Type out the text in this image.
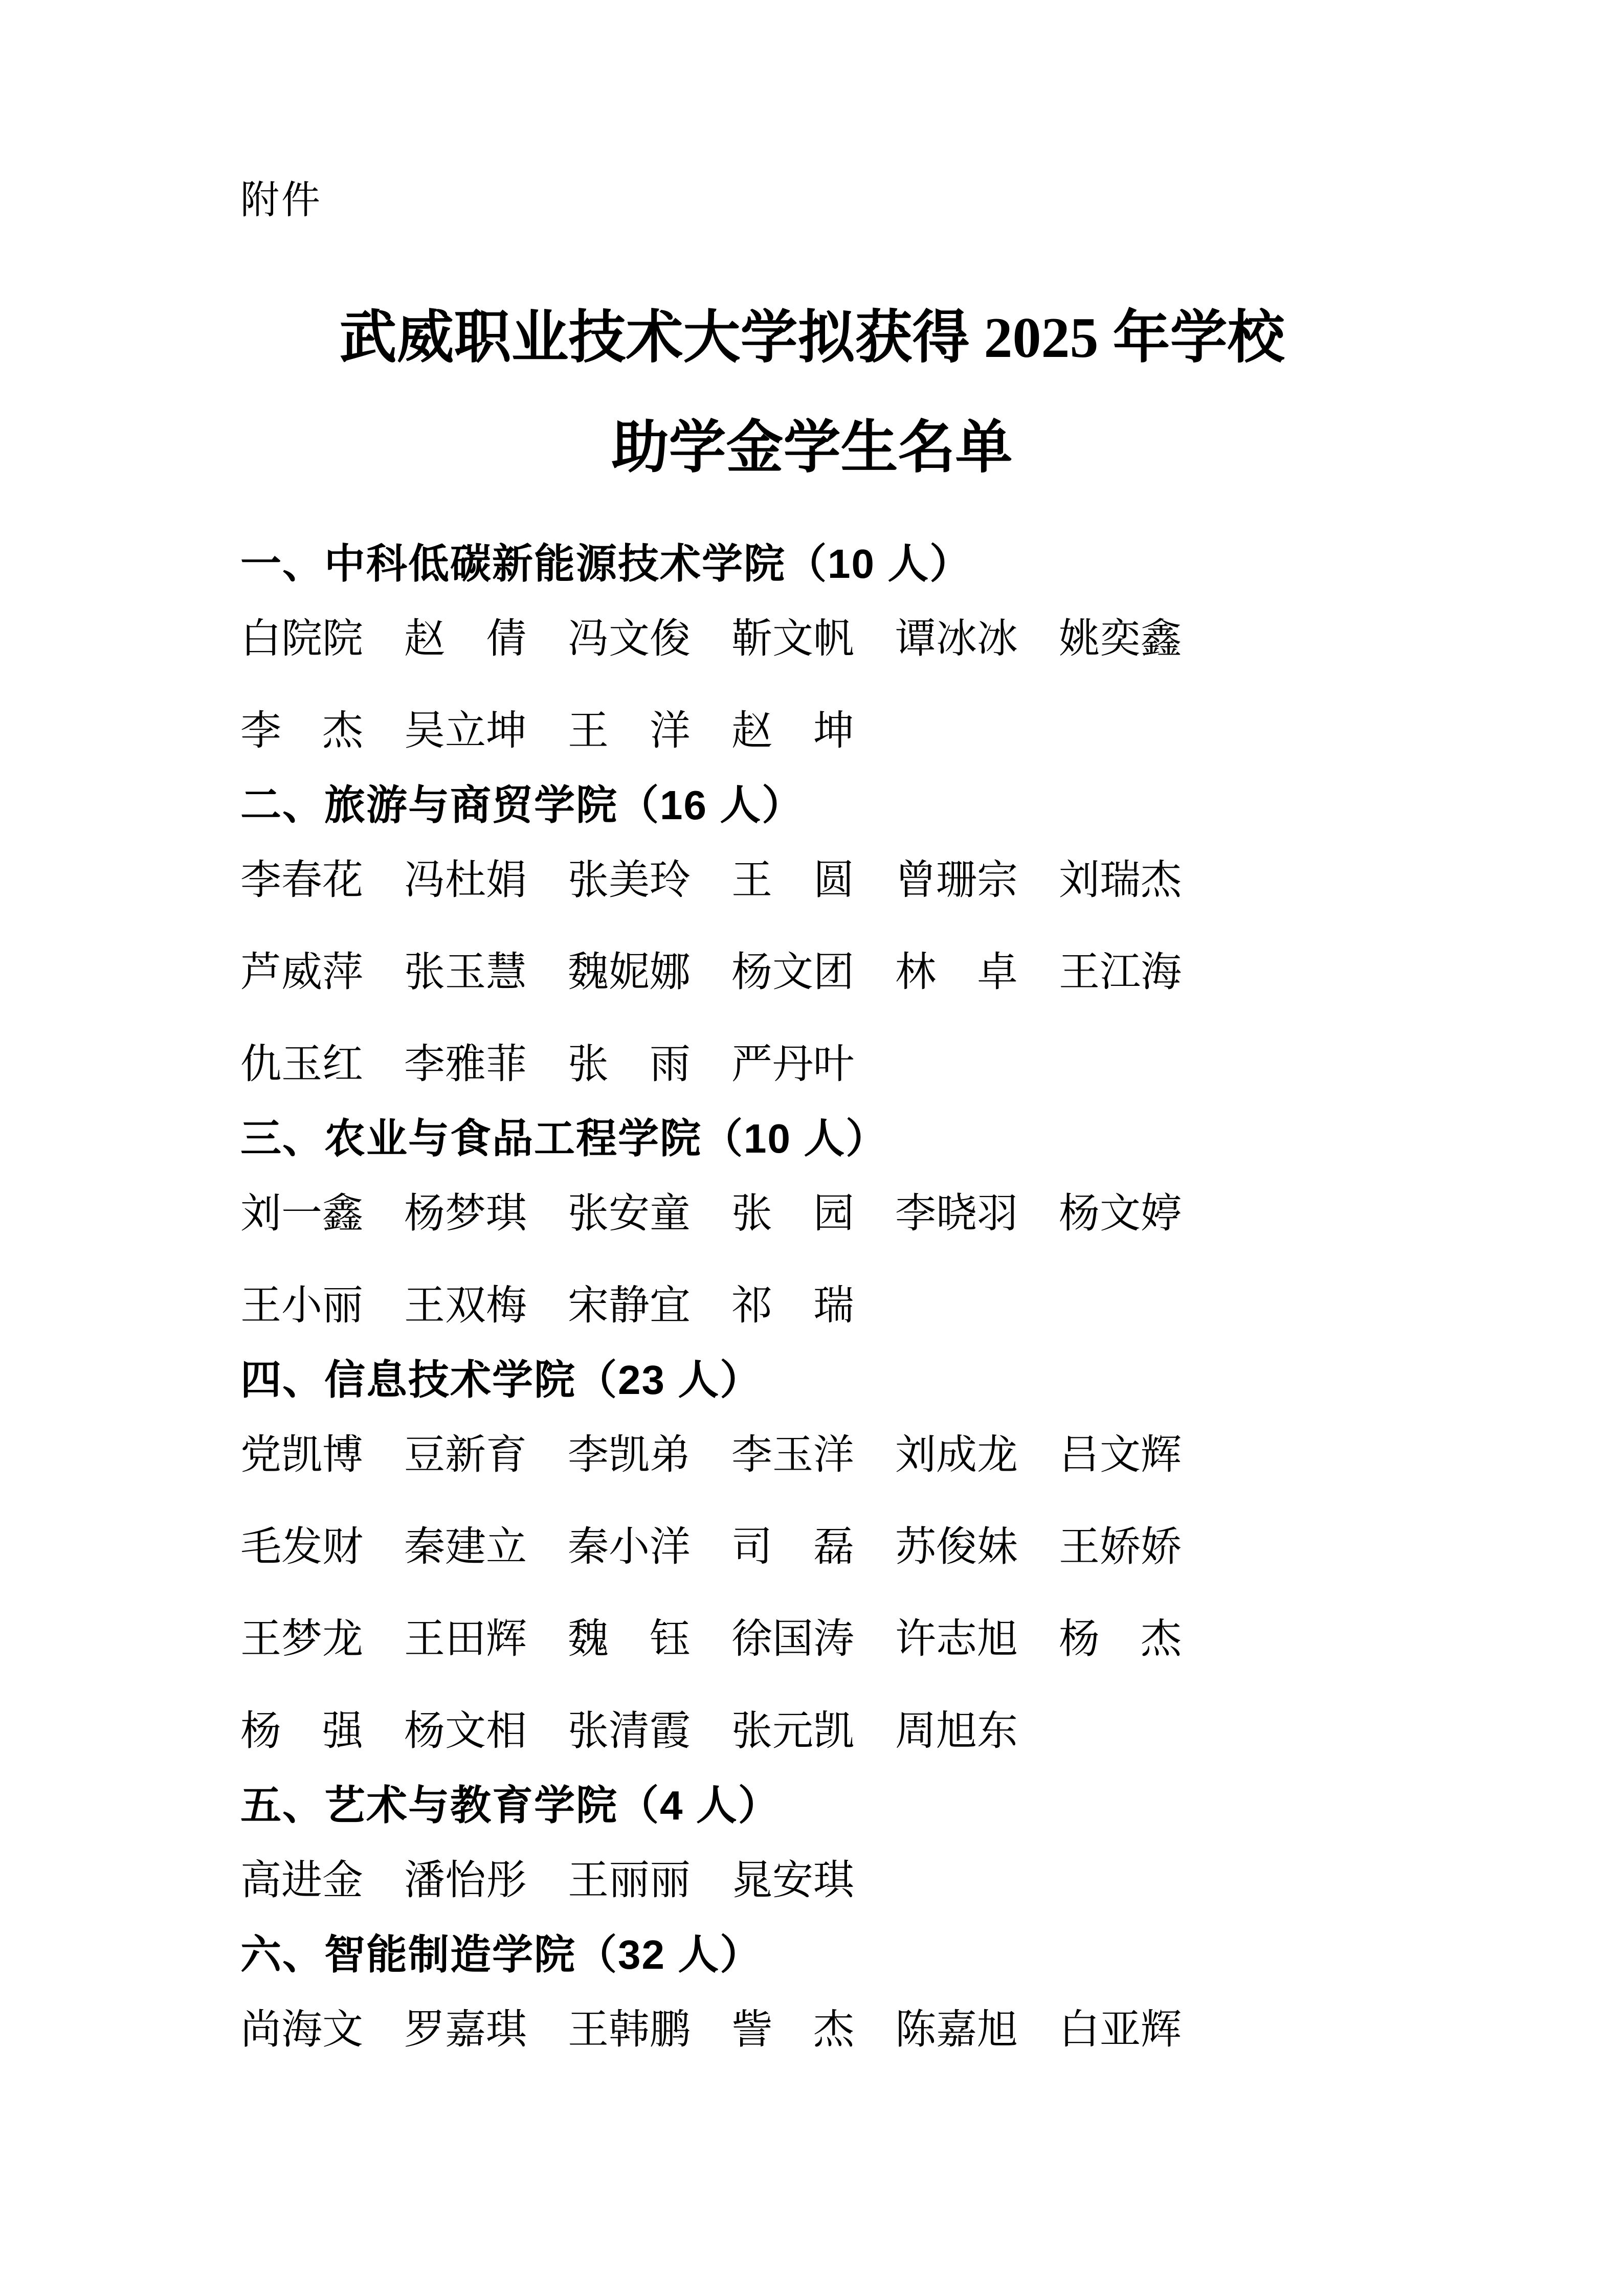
附件
武威职业技术大学拟获得 2025 年学校
助学金学生名单
一、中科低碳新能源技术学院（10 人）
白院院 赵　倩 冯文俊 靳文帆 谭冰冰 姚奕鑫
李　杰 吴立坤 王　洋 赵　坤
二、旅游与商贸学院（16 人）
李春花 冯杜娟 张美玲 王　圆 曾珊宗 刘瑞杰
芦威萍 张玉慧 魏妮娜 杨文团 林　卓 王江海
仇玉红 李雅菲 张　雨 严丹叶
三、农业与食品工程学院（10 人）
刘一鑫 杨梦琪 张安童 张　园 李晓羽 杨文婷
王小丽 王双梅 宋静宜 祁　瑞
四、信息技术学院（23 人）
党凯博 豆新育 李凯弟 李玉洋 刘成龙 吕文辉
毛发财 秦建立 秦小洋 司　磊 苏俊妹 王娇娇
王梦龙 王田辉 魏　钰 徐国涛 许志旭 杨　杰
杨　强 杨文相 张清霞 张元凯 周旭东
五、艺术与教育学院（4 人）
高进金 潘怡彤 王丽丽 晁安琪
六、智能制造学院（32 人）
尚海文 罗嘉琪 王韩鹏 訾　杰 陈嘉旭 白亚辉
